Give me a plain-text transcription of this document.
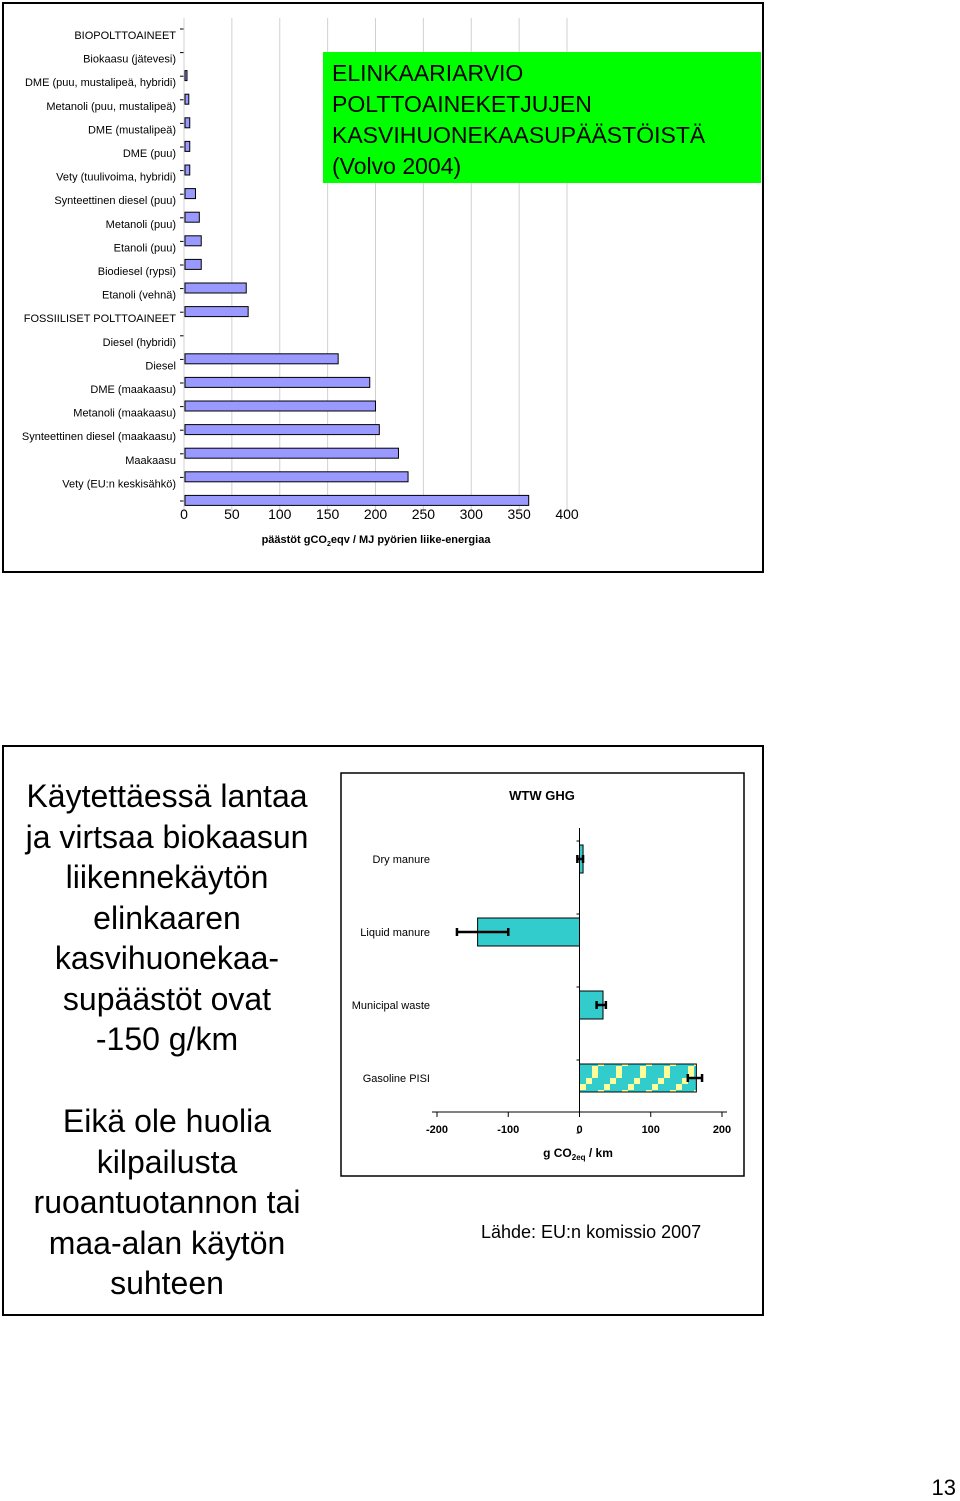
BIOPOLTTOAINEET
Biokaasu (jätevesi)
DME (puu, mustalipeä, hybridi)
Metanoli (puu, mustalipeä)
DME (mustalipeä)
DME (puu)
Vety (tuulivoima, hybridi)
Synteettinen diesel (puu)
Metanoli (puu)
Etanoli (puu)
Biodiesel (rypsi)
Etanoli (vehnä)
FOSSIILISET POLTTOAINEET
Diesel (hybridi)
Diesel
DME (maakaasu)
Metanoli (maakaasu)
Synteettinen diesel (maakaasu)
Maakaasu
Vety (EU:n keskisähkö)
0	50 100 150 200 250 300 350 400
päästöt gCO$_2$eqv / MJ pyörien liike-energiaa
ELINKAARIARVIO
POLTTOAINEKETJUJEN
KASVIHUONEKAASUPÄÄSTÖISTÄ
(Volvo 2004)
Käytettäessä lantaa
ja virtsaa biokaasun
liikennekäytön
elinkaaren
kasvihuonekaa-
supäästöt ovat
-150 g/km
Eikä ole huolia
kilpailusta
ruoantuotannon tai
maa-alan käytön
suhteen
WTW GHG
Dry manure
Liquid manure
Municipal waste
Gasoline PISI
-200	-100	0	100	200
g $CO_{2eq}$ / km
Lähde: EU:n komissio 2007
13
